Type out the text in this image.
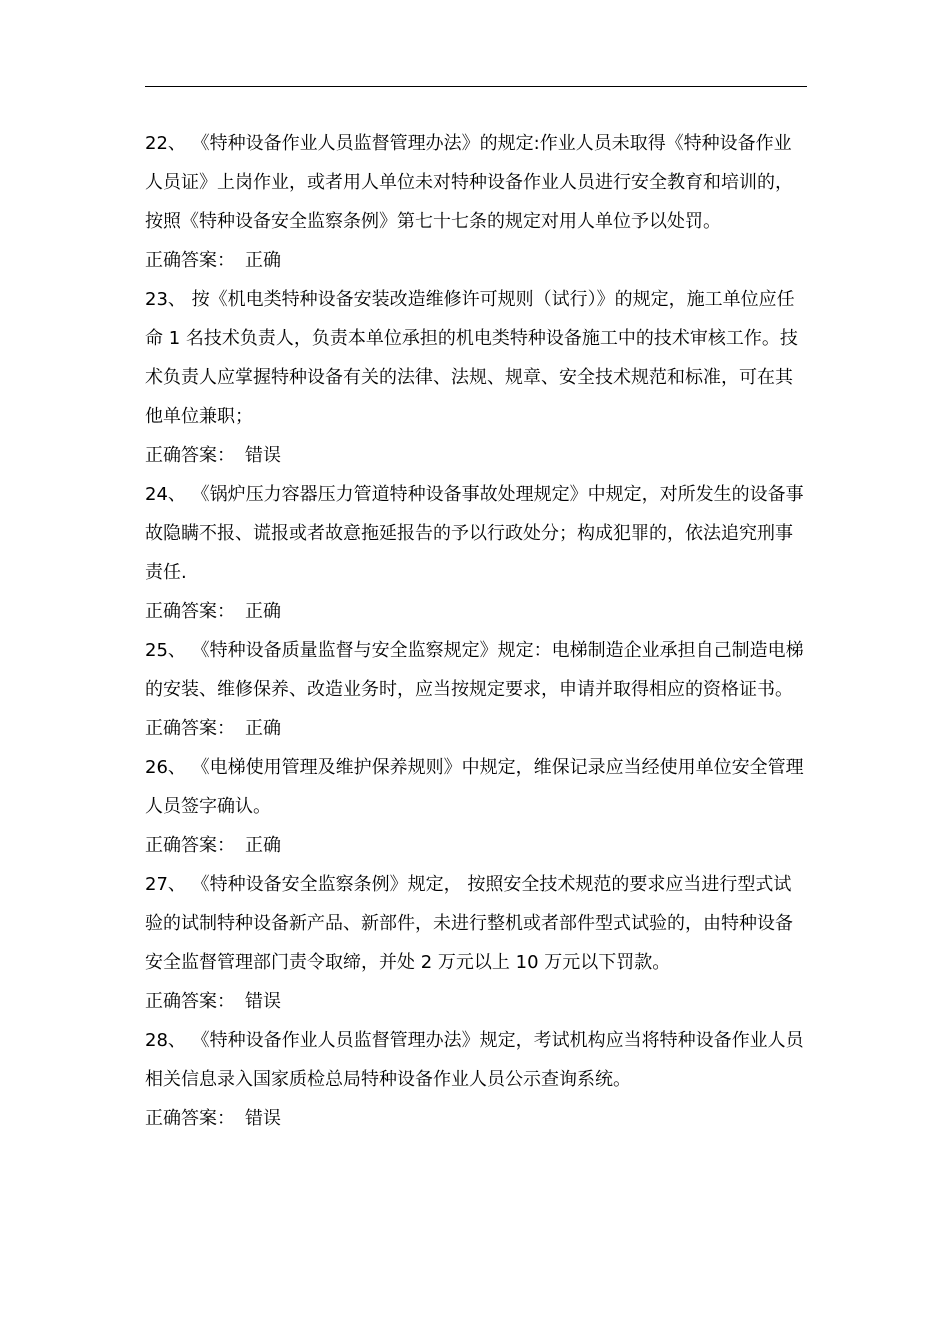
22、 《特种设备作业人员监督管理办法》的规定:作业人员未取得《特种设备作业人员证》上岗作业，或者用人单位未对特种设备作业人员进行安全教育和培训的，按照《特种设备安全监察条例》第七十七条的规定对用人单位予以处罚。

正确答案： 正确

23、 按《机电类特种设备安装改造维修许可规则（试行）》的规定，施工单位应任命 1 名技术负责人，负责本单位承担的机电类特种设备施工中的技术审核工作。技术负责人应掌握特种设备有关的法律、法规、规章、安全技术规范和标准，可在其他单位兼职；

正确答案： 错误

24、 《锅炉压力容器压力管道特种设备事故处理规定》中规定，对所发生的设备事故隐瞒不报、谎报或者故意拖延报告的予以行政处分；构成犯罪的，依法追究刑事责任.

正确答案： 正确

25、 《特种设备质量监督与安全监察规定》规定：电梯制造企业承担自己制造电梯的安装、维修保养、改造业务时，应当按规定要求，申请并取得相应的资格证书。

正确答案： 正确

26、 《电梯使用管理及维护保养规则》中规定，维保记录应当经使用单位安全管理人员签字确认。

正确答案： 正确

27、 《特种设备安全监察条例》规定， 按照安全技术规范的要求应当进行型式试验的试制特种设备新产品、新部件，未进行整机或者部件型式试验的，由特种设备安全监督管理部门责令取缔，并处 2 万元以上 10 万元以下罚款。

正确答案： 错误

28、 《特种设备作业人员监督管理办法》规定，考试机构应当将特种设备作业人员相关信息录入国家质检总局特种设备作业人员公示查询系统。

正确答案： 错误
